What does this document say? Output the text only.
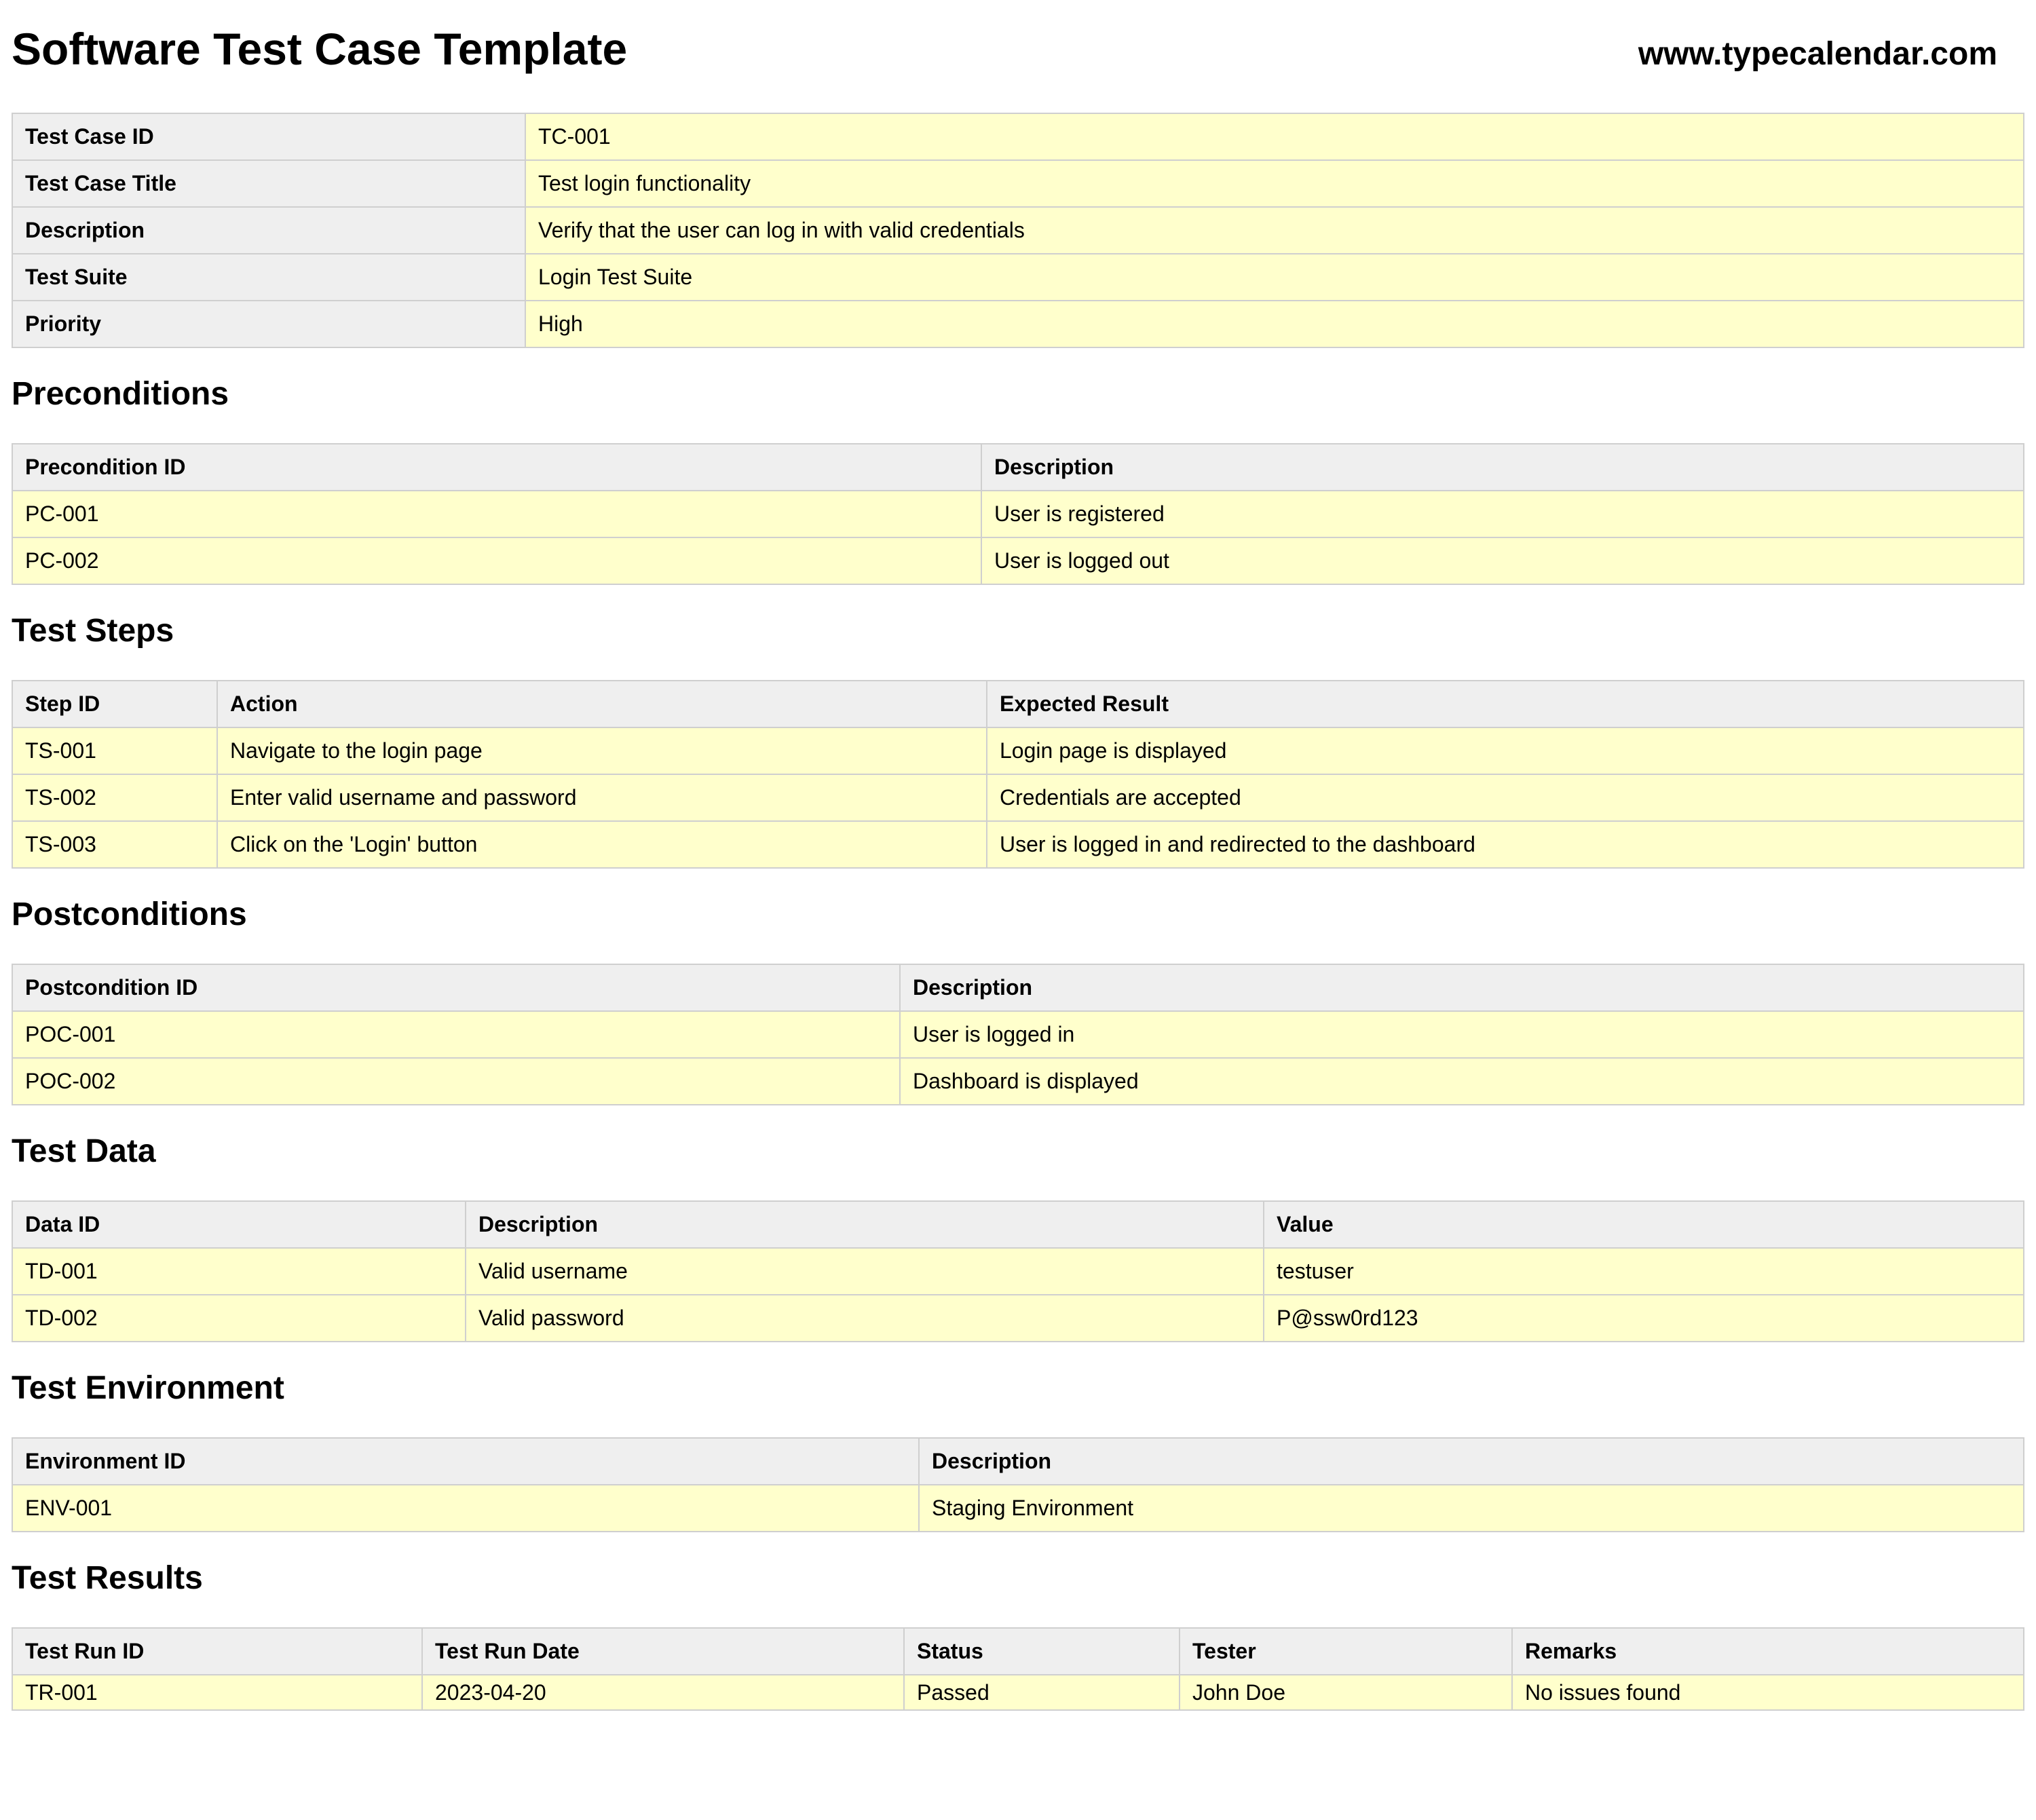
Software Test Case Template	www.typecalendar.com
Test Case ID	TC-001
Test Case Title	Test login functionality
Description	Verify that the user can log in with valid credentials
Test Suite	Login Test Suite
Priority	High
Preconditions
Precondition ID	Description
PC-001	User is registered
PC-002	User is logged out
Test Steps
Step ID	Action	Expected Result
TS-001	Navigate to the login page	Login page is displayed
TS-002	Enter valid username and password	Credentials are accepted
TS-003	Click on the 'Login' button	User is logged in and redirected to the dashboard
Postconditions
Postcondition ID	Description
POC-001	User is logged in
POC-002	Dashboard is displayed
Test Data
Data ID	Description	Value
TD-001	Valid username	testuser
TD-002	Valid password	P@ssw0rd123
Test Environment
Environment ID	Description
ENV-001	Staging Environment
Test Results
Test Run ID	Test Run Date	Status	Tester	Remarks
TR-001	2023-04-20	Passed	John Doe	No issues found
